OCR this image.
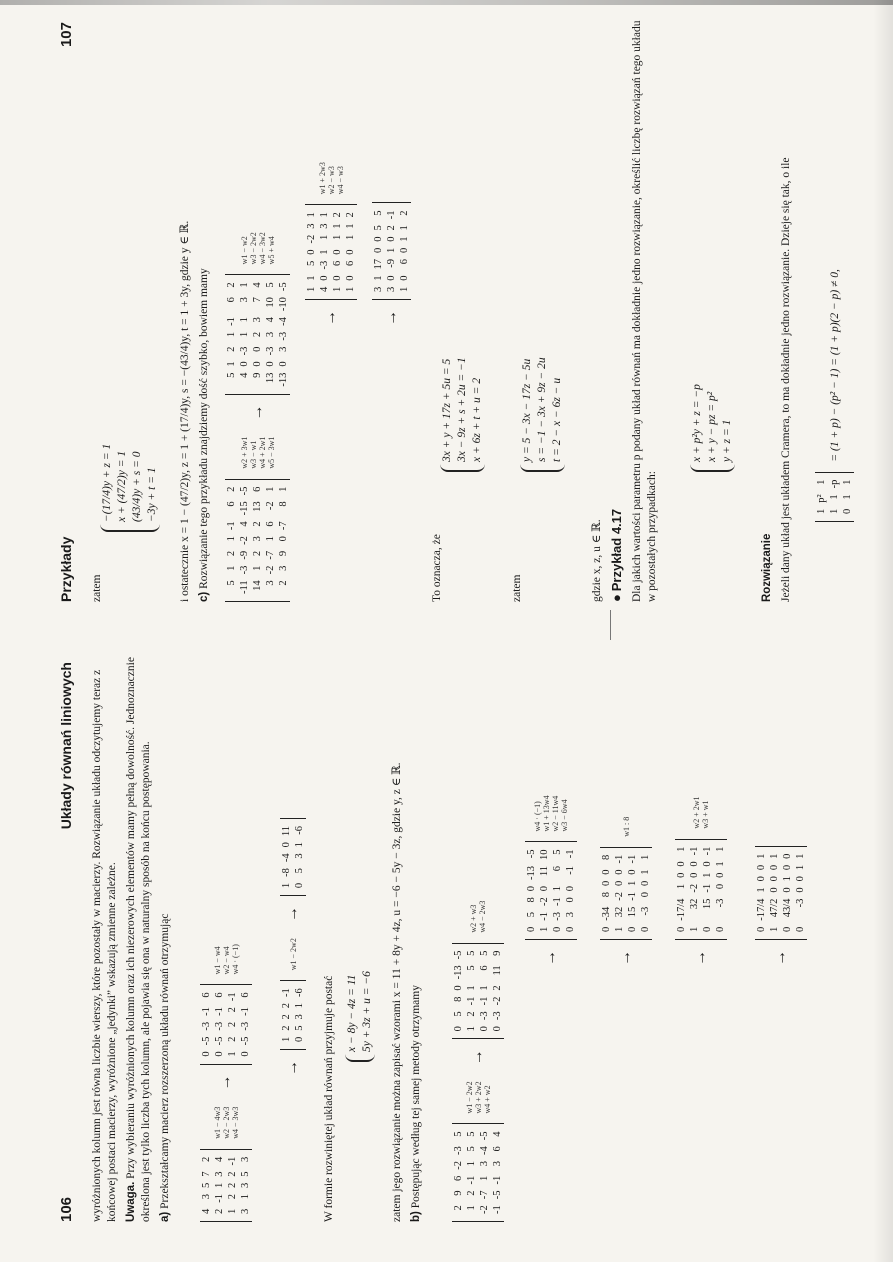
106
Układy równań liniowych wyróżnionych kolumn jest równa liczbie wierszy, które pozostały w macierzy. Rozwiązanie układu odczytujemy teraz z końcowej postaci macierzy, wyróżnione „jedynki” wskazują zmienne zależne. Uwaga. Przy wybieraniu wyróżnionych kolumn oraz ich niezerowych elementów mamy pełną dowolność. Jednoznacznie określona jest tylko liczba tych kolumn, ale pojawia się ona w naturalny sposób na końcu postępowania. a) Przekształcamy macierz rozszerzoną układu równań otrzymując

4	3	5	7	2
2	-1	1	3	4
1	2	2	2	-1
3	1	3	5	3

w1 − 4w3 w2 − 2w3 w4 − 3w3
→
0	-5	-3	-1	6
0	-5	-3	-1	6
1	2	2	2	-1
0	-5	-3	-1	6

w1 − w4 w2 − w4 w4 · (−1)
→
1	2	2	2	-1
0	5	3	1	-6

w1 − 2w2
→
1	-8	-4	0	11
0	5	3	1	-6

W formie rozwiniętej układ równań przyjmuje postać x − 8y − 4z = 11 5y + 3z + u = −6 zatem jego rozwiązanie można zapisać wzorami x = 11 + 8y + 4z, u = −6 − 5y − 3z, gdzie y, z ∈ ℝ. b) Postępując według tej samej metody otrzymamy	2	9	6	-2	-3	5
1	2	-1	1	5	5
-2	-7	1	3	-4	-5
-1	-5	-1	3	6	4

w1 − 2w2 w3 + 2w2 w4 + w2
→
0	5	8	0	-13	-5
1	2	-1	1	5	5
0	-3	-1	1	6	5
0	-3	-2	2	11	9

w2 + w3 w4 − 2w3
→
0	5	8	0	-13	-5
1	-1	-2	0	11	10
0	-3	-1	1	6	5
0	3	0	0	-1	-1

w4 · (−1) w1 + 13w4 w2 − 11w4 w3 − 6w4
→
0	-34	8	0	0	8
1	32	-2	0	0	-1
0	15	-1	1	0	-1
0	-3	0	0	1	1

w1 : 8
→
0	-17/4	1	0	0	1
1	32	-2	0	0	-1
0	15	-1	1	0	-1
0	-3	0	0	1	1

w2 + 2w1 w3 + w1
→
0	-17/4	1	0	0	1
1	47/2	0	0	0	1
0	43/4	0	1	0	0
0	-3	0	0	1	1
Przykłady
107
zatem
−(17/4)y + z = 1 x + (47/2)y = 1 (43/4)y + s = 0 −3y + t = 1 i ostatecznie x = 1 − (47/2)y, z = 1 + (17/4)y, s = −(43/4)y, t = 1 + 3y, gdzie y ∈ ℝ. c) Rozwiązanie tego przykładu znajdziemy dość szybko, bowiem mamy 5	1	2	1	-1	6	2
-11	-3	-9	-2	4	-15	-5
14	1	2	3	2	13	6
3	-2	-7	1	6	-2	1
2	3	9	0	-7	8	1

w2 + 3w1 w3 − w1 w4 + 2w1 w5 − 3w1
→
5	1	2	1	-1	6	2
4	0	-3	1	1	3	1
9	0	0	2	3	7	4
13	0	-3	3	4	10	5
-13	0	3	-3	-4	-10	-5

w1 − w2 w3 − 2w2 w4 − 3w2 w5 + w4
→
1	1	5	0	-2	3	1
4	0	-3	1	1	3	1
1	0	6	0	1	1	2
1	0	6	0	1	1	2

w1 + 2w3 w2 − w3 w4 − w3
→
3	1	17	0	0	5	5
3	0	-9	1	0	2	-1
1	0	6	0	1	1	2
To oznacza, że
3x + y + 17z + 5u = 5 3x − 9z + s + 2u = −1 x + 6z + t + u = 2
zatem
y = 5 − 3x − 17z − 5u s = −1 − 3x + 9z − 2u t = 2 − x − 6z − u

gdzie x, z, u ∈ ℝ. ● Przykład 4.17 Dla jakich wartości parametru p podany układ równań ma dokładnie jedno rozwiązanie, określić liczbę rozwiązań tego układu w pozostałych przypadkach:

x + p²y + z = −p x + y − pz = p² y + z = 1

Rozwiązanie Jeżeli dany układ jest układem Cramera, to ma dokładnie jedno rozwiązanie. Dzieje się tak, o ile 1	p²	1
1	1	-p
0	1	1
= (1 + p) − (p² − 1) = (1 + p)(2 − p) ≠ 0,
